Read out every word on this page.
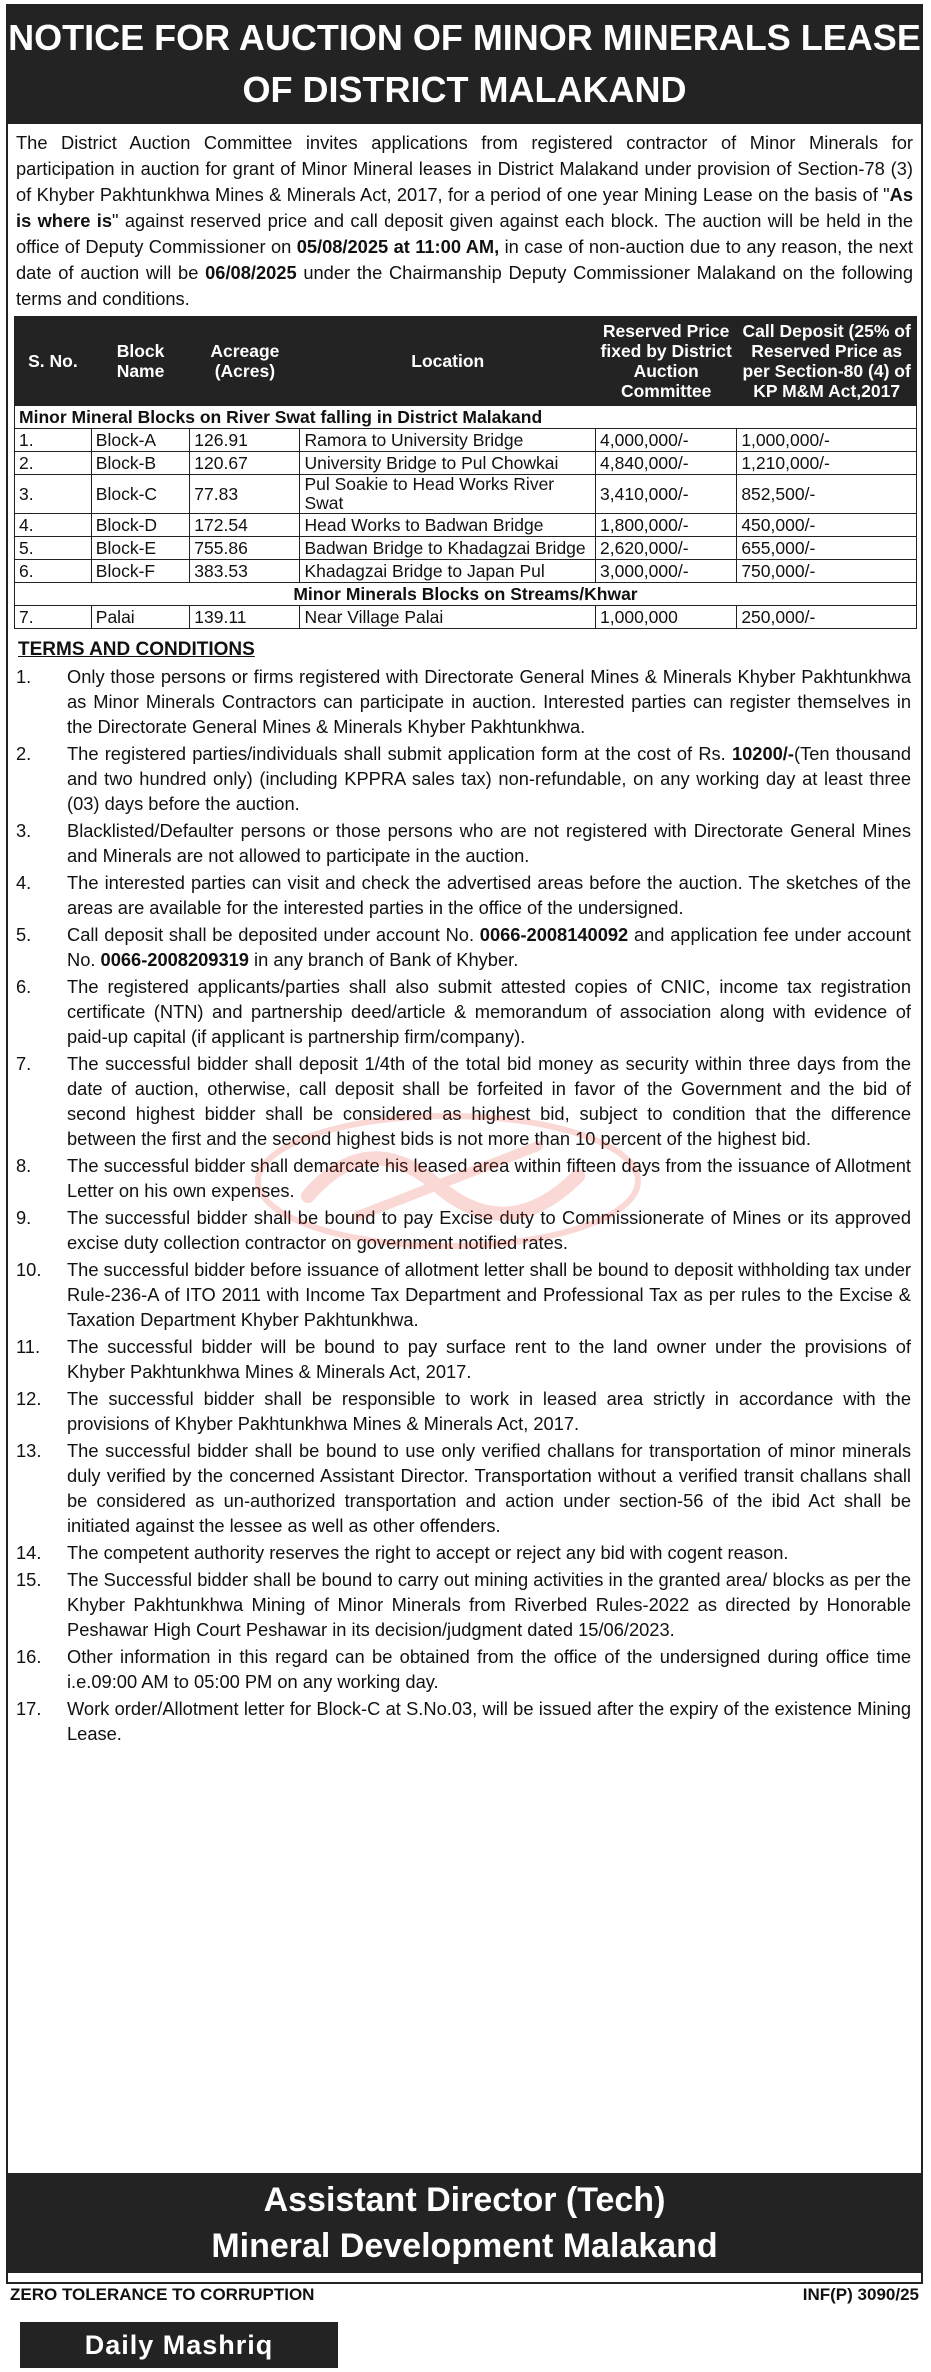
NOTICE FOR AUCTION OF MINOR MINERALS LEASE
OF DISTRICT MALAKAND
The District Auction Committee invites applications from registered contractor of Minor Minerals for participation in auction for grant of Minor Mineral leases in District Malakand under provision of Section-78 (3) of Khyber Pakhtunkhwa Mines & Minerals Act, 2017, for a period of one year Mining Lease on the basis of "As is where is" against reserved price and call deposit given against each block. The auction will be held in the office of Deputy Commissioner on 05/08/2025 at 11:00 AM, in case of non-auction due to any reason, the next date of auction will be 06/08/2025 under the Chairmanship Deputy Commissioner Malakand on the following terms and conditions.
S. No.	Block Name	Acreage (Acres)	Location	Reserved Price fixed by District Auction Committee	Call Deposit (25% of Reserved Price as per Section-80 (4) of KP M&M Act,2017
Minor Mineral Blocks on River Swat falling in District Malakand					
1.	Block-A	126.91	Ramora to University Bridge	4,000,000/-	1,000,000/-
2.	Block-B	120.67	University Bridge to Pul Chowkai	4,840,000/-	1,210,000/-
3.	Block-C	77.83	Pul Soakie to Head Works River Swat	3,410,000/-	852,500/-
4.	Block-D	172.54	Head Works to Badwan Bridge	1,800,000/-	450,000/-
5.	Block-E	755.86	Badwan Bridge to Khadagzai Bridge	2,620,000/-	655,000/-
6.	Block-F	383.53	Khadagzai Bridge to Japan Pul	3,000,000/-	750,000/-
Minor Minerals Blocks on Streams/Khwar					
7.	Palai	139.11	Near Village Palai	1,000,000	250,000/-
TERMS AND CONDITIONS
1.	Only those persons or firms registered with Directorate General Mines & Minerals Khyber Pakhtunkhwa as Minor Minerals Contractors can participate in auction. Interested parties can register themselves in the Directorate General Mines & Minerals Khyber Pakhtunkhwa.
2.	The registered parties/individuals shall submit application form at the cost of Rs. 10200/-(Ten thousand and two hundred only) (including KPPRA sales tax) non-refundable, on any working day at least three (03) days before the auction.
3.	Blacklisted/Defaulter persons or those persons who are not registered with Directorate General Mines and Minerals are not allowed to participate in the auction.
4.	The interested parties can visit and check the advertised areas before the auction. The sketches of the areas are available for the interested parties in the office of the undersigned.
5.	Call deposit shall be deposited under account No. 0066-2008140092 and application fee under account No. 0066-2008209319 in any branch of Bank of Khyber.
6.	The registered applicants/parties shall also submit attested copies of CNIC, income tax registration certificate (NTN) and partnership deed/article & memorandum of association along with evidence of paid-up capital (if applicant is partnership firm/company).
7.	The successful bidder shall deposit 1/4th of the total bid money as security within three days from the date of auction, otherwise, call deposit shall be forfeited in favor of the Government and the bid of second highest bidder shall be considered as highest bid, subject to condition that the difference between the first and the second highest bids is not more than 10 percent of the highest bid.
8.	The successful bidder shall demarcate his leased area within fifteen days from the issuance of Allotment Letter on his own expenses.
9.	The successful bidder shall be bound to pay Excise duty to Commissionerate of Mines or its approved excise duty collection contractor on government notified rates.
10.	The successful bidder before issuance of allotment letter shall be bound to deposit withholding tax under Rule-236-A of ITO 2011 with Income Tax Department and Professional Tax as per rules to the Excise & Taxation Department Khyber Pakhtunkhwa.
11.	The successful bidder will be bound to pay surface rent to the land owner under the provisions of Khyber Pakhtunkhwa Mines & Minerals Act, 2017.
12.	The successful bidder shall be responsible to work in leased area strictly in accordance with the provisions of Khyber Pakhtunkhwa Mines & Minerals Act, 2017.
13.	The successful bidder shall be bound to use only verified challans for transportation of minor minerals duly verified by the concerned Assistant Director. Transportation without a verified transit challans shall be considered as un-authorized transportation and action under section-56 of the ibid Act shall be initiated against the lessee as well as other offenders.
14.	The competent authority reserves the right to accept or reject any bid with cogent reason.
15.	The Successful bidder shall be bound to carry out mining activities in the granted area/ blocks as per the Khyber Pakhtunkhwa Mining of Minor Minerals from Riverbed Rules-2022 as directed by Honorable Peshawar High Court Peshawar in its decision/judgment dated 15/06/2023.
16.	Other information in this regard can be obtained from the office of the undersigned during office time i.e.09:00 AM to 05:00 PM on any working day.
17.	Work order/Allotment letter for Block-C at S.No.03, will be issued after the expiry of the existence Mining Lease.
Assistant Director (Tech)
Mineral Development Malakand
ZERO TOLERANCE TO CORRUPTION	INF(P) 3090/25
Daily Mashriq
